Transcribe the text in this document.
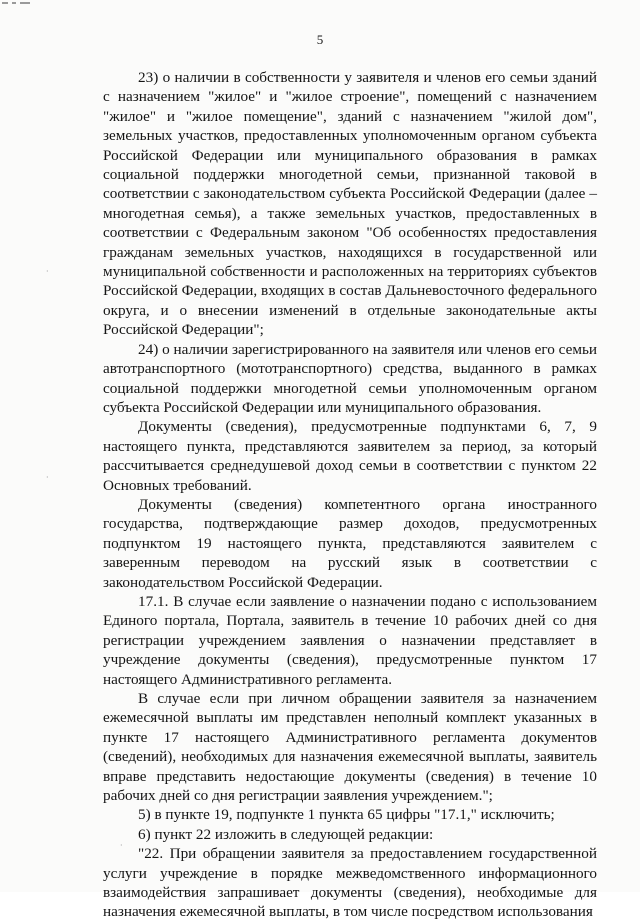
5

23) о наличии в собственности у заявителя и членов его семьи зданий с назначением "жилое" и "жилое строение", помещений с назначением "жилое" и "жилое помещение", зданий с назначением "жилой дом", земельных участков, предоставленных уполномоченным органом субъекта Российской Федерации или муниципального образования в рамках социальной поддержки многодетной семьи, признанной таковой в соответствии с законодательством субъекта Российской Федерации (далее – многодетная семья), а также земельных участков, предоставленных в соответствии с Федеральным законом "Об особенностях предоставления гражданам земельных участков, находящихся в государственной или муниципальной собственности и расположенных на территориях субъектов Российской Федерации, входящих в состав Дальневосточного федерального округа, и о внесении изменений в отдельные законодательные акты Российской Федерации";

24) о наличии зарегистрированного на заявителя или членов его семьи автотранспортного (мототранспортного) средства, выданного в рамках социальной поддержки многодетной семьи уполномоченным органом субъекта Российской Федерации или муниципального образования.

Документы (сведения), предусмотренные подпунктами 6, 7, 9 настоящего пункта, представляются заявителем за период, за который рассчитывается среднедушевой доход семьи в соответствии с пунктом 22 Основных требований.

Документы (сведения) компетентного органа иностранного государства, подтверждающие размер доходов, предусмотренных подпунктом 19 настоящего пункта, представляются заявителем с заверенным переводом на русский язык в соответствии с законодательством Российской Федерации.

17.1. В случае если заявление о назначении подано с использованием Единого портала, Портала, заявитель в течение 10 рабочих дней со дня регистрации учреждением заявления о назначении представляет в учреждение документы (сведения), предусмотренные пунктом 17 настоящего Административного регламента.

В случае если при личном обращении заявителя за назначением ежемесячной выплаты им представлен неполный комплект указанных в пункте 17 настоящего Административного регламента документов (сведений), необходимых для назначения ежемесячной выплаты, заявитель вправе представить недостающие документы (сведения) в течение 10 рабочих дней со дня регистрации заявления учреждением.";

5) в пункте 19, подпункте 1 пункта 65 цифры "17.1," исключить;

6) пункт 22 изложить в следующей редакции:

"22. При обращении заявителя за предоставлением государственной услуги учреждение в порядке межведомственного информационного взаимодействия запрашивает документы (сведения), необходимые для назначения ежемесячной выплаты, в том числе посредством использования

·
·
·
